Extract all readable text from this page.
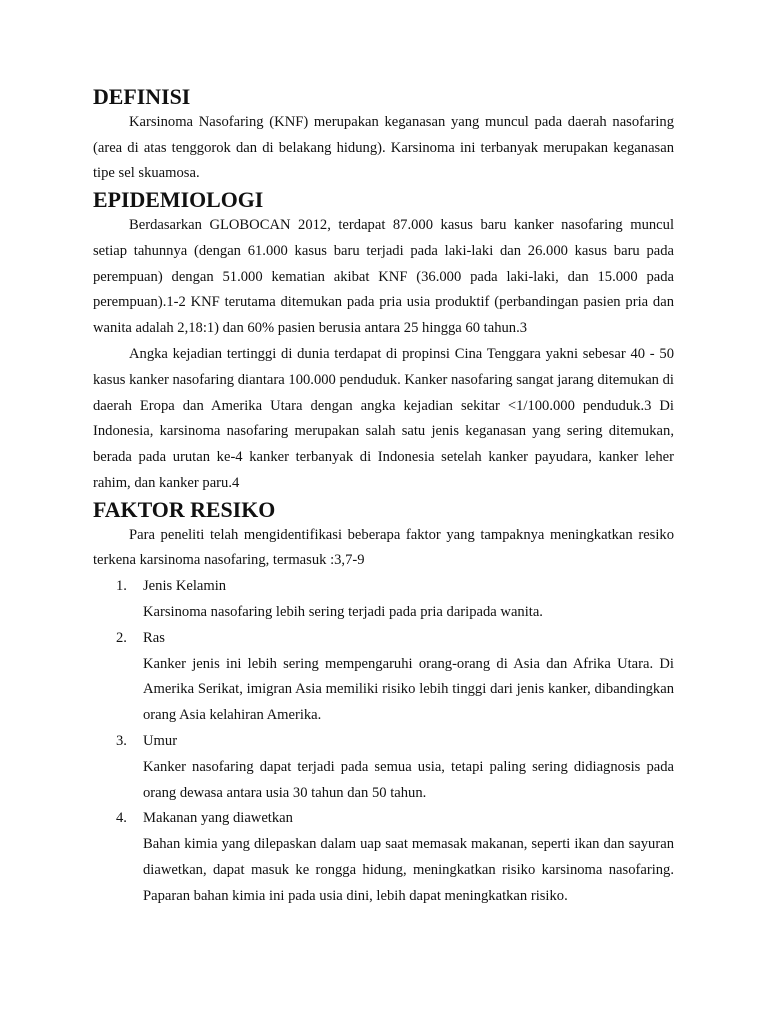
DEFINISI

Karsinoma Nasofaring (KNF) merupakan keganasan yang muncul pada daerah nasofaring (area di atas tenggorok dan di belakang hidung). Karsinoma ini terbanyak merupakan keganasan tipe sel skuamosa.

EPIDEMIOLOGI

Berdasarkan GLOBOCAN 2012, terdapat 87.000 kasus baru kanker nasofaring muncul setiap tahunnya (dengan 61.000 kasus baru terjadi pada laki-laki dan 26.000 kasus baru pada perempuan) dengan 51.000 kematian akibat KNF (36.000 pada laki-laki, dan 15.000 pada perempuan).1-2 KNF terutama ditemukan pada pria usia produktif (perbandingan pasien pria dan wanita adalah 2,18:1) dan 60% pasien berusia antara 25 hingga 60 tahun.3

Angka kejadian tertinggi di dunia terdapat di propinsi Cina Tenggara yakni sebesar 40 - 50 kasus kanker nasofaring diantara 100.000 penduduk. Kanker nasofaring sangat jarang ditemukan di daerah Eropa dan Amerika Utara dengan angka kejadian sekitar <1/100.000 penduduk.3 Di Indonesia, karsinoma nasofaring merupakan salah satu jenis keganasan yang sering ditemukan, berada pada urutan ke-4 kanker terbanyak di Indonesia setelah kanker payudara, kanker leher rahim, dan kanker paru.4

FAKTOR RESIKO

Para peneliti telah mengidentifikasi beberapa faktor yang tampaknya meningkatkan resiko terkena karsinoma nasofaring, termasuk :3,7-9

1. Jenis Kelamin
Karsinoma nasofaring lebih sering terjadi pada pria daripada wanita.
2. Ras
Kanker jenis ini lebih sering mempengaruhi orang-orang di Asia dan Afrika Utara. Di Amerika Serikat, imigran Asia memiliki risiko lebih tinggi dari jenis kanker, dibandingkan orang Asia kelahiran Amerika.
3. Umur
Kanker nasofaring dapat terjadi pada semua usia, tetapi paling sering didiagnosis pada orang dewasa antara usia 30 tahun dan 50 tahun.
4. Makanan yang diawetkan
Bahan kimia yang dilepaskan dalam uap saat memasak makanan, seperti ikan dan sayuran diawetkan, dapat masuk ke rongga hidung, meningkatkan risiko karsinoma nasofaring. Paparan bahan kimia ini pada usia dini, lebih dapat meningkatkan risiko.
